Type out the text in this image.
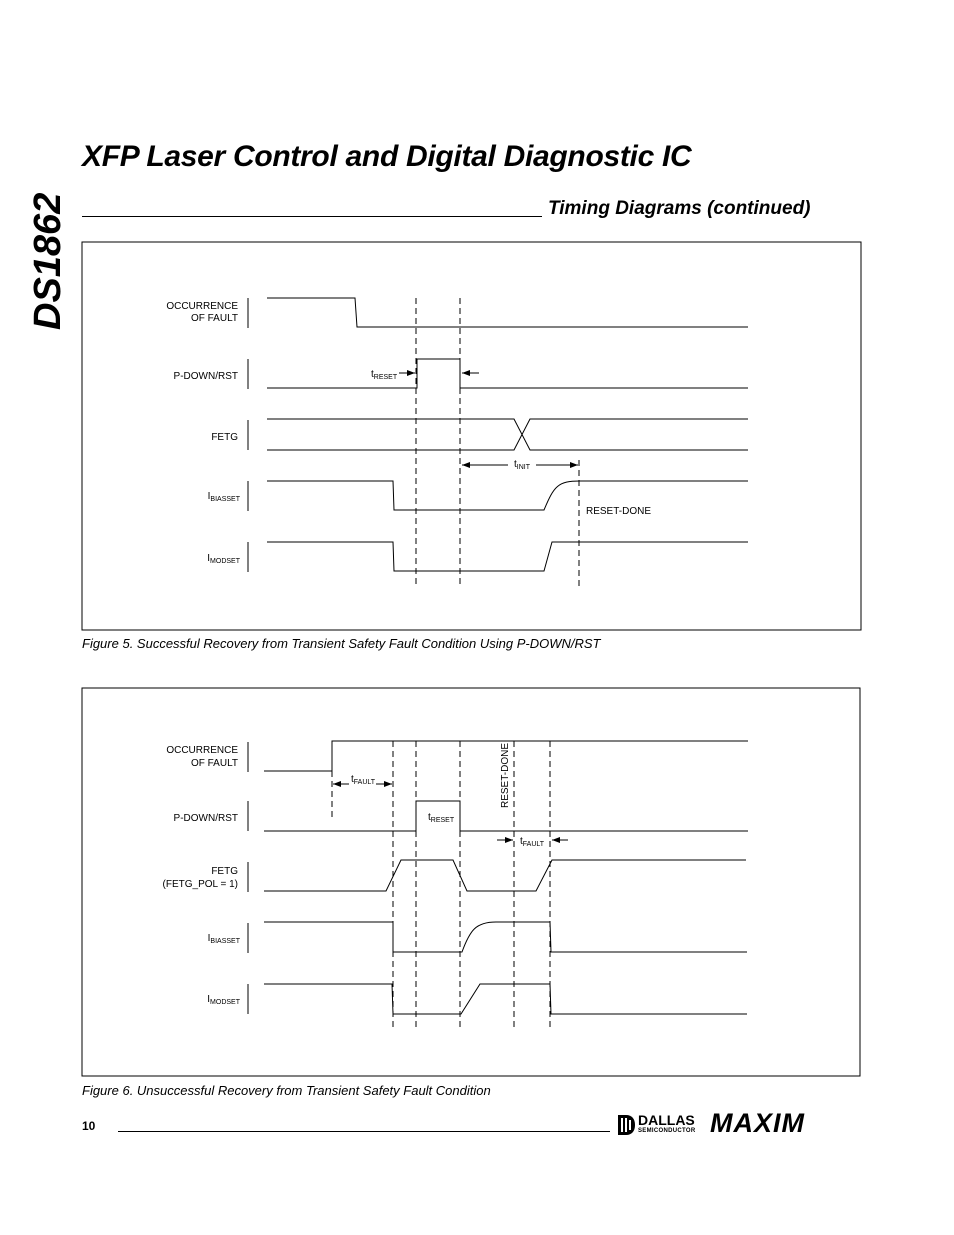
DS1862
XFP Laser Control and Digital Diagnostic IC
Timing Diagrams (continued)
OCCURRENCE
OF FAULT
P-DOWN/RST
FETG
$I_{BIASSET}$
$I_{MODSET}$
$t_{RESET}$
$t_{INIT}$
RESET-DONE
OCCURRENCE
OF FAULT
P-DOWN/RST
FETG
(FETG_POL = 1)
$I_{BIASSET}$
$I_{MODSET}$
$t_{FAULT}$
$t_{RESET}$
RESET-DONE
$t_{FAULT}$
Figure 5. Successful Recovery from Transient Safety Fault Condition Using P-DOWN/RST
Figure 6. Unsuccessful Recovery from Transient Safety Fault Condition
10	DALLAS
SEMICONDUCTOR MAXIM
